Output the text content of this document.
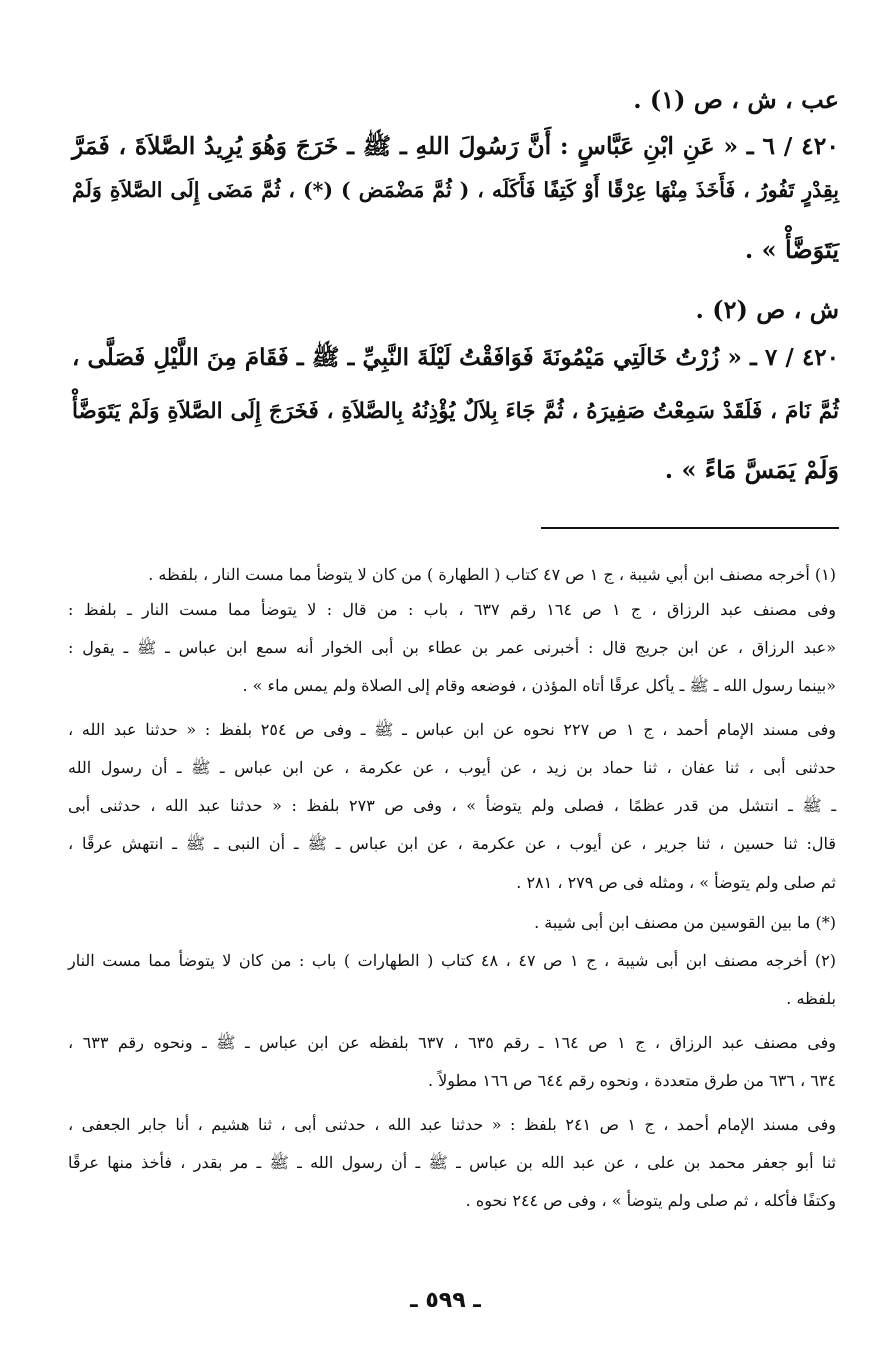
عب ، ش ، ص (١) .
٤٢٠ / ٦ ـ « عَنِ ابْنِ عَبَّاسٍ : أَنَّ رَسُولَ اللهِ ـ ﷺ ـ خَرَجَ وَهُوَ يُرِيدُ الصَّلاَةَ ، فَمَرَّ
بِقِدْرٍ تَفُورُ ، فَأَخَذَ مِنْهَا عِرْقًا أَوْ كَتِفًا فَأَكَلَه ، ( ثُمَّ مَضْمَض ) (*) ، ثُمَّ مَضَى إِلَى الصَّلاَةِ وَلَمْ
يَتَوَضَّأْ » .
ش ، ص (٢) .
٤٢٠ / ٧ ـ « زُرْتُ خَالَتِي مَيْمُونَةَ فَوَافَقْتُ لَيْلَةَ النَّبِيِّ ـ ﷺ ـ فَقَامَ مِنَ اللَّيْلِ فَصَلَّى ،
ثُمَّ نَامَ ، فَلَقَدْ سَمِعْتُ صَفِيرَهُ ، ثُمَّ جَاءَ بِلاَلٌ يُؤْذِنُهُ بِالصَّلاَةِ ، فَخَرَجَ إِلَى الصَّلاَةِ وَلَمْ يَتَوَضَّأْ
وَلَمْ يَمَسَّ مَاءً » .
(١) أخرجه مصنف ابن أبي شيبة ، ج ١ ص ٤٧ كتاب ( الطهارة ) من كان لا يتوضأ مما مست النار ، بلفظه .
وفى مصنف عبد الرزاق ، ج ١ ص ١٦٤ رقم ٦٣٧ ، باب : من قال : لا يتوضأ مما مست النار ـ بلفظ :
«عبد الرزاق ، عن ابن جريج قال : أخبرنى عمر بن عطاء بن أبى الخوار أنه سمع ابن عباس ـ ﷺ ـ يقول :
«بينما رسول الله ـ ﷺ ـ يأكل عرقًا أتاه المؤذن ، فوضعه وقام إلى الصلاة ولم يمس ماء » .
وفى مسند الإمام أحمد ، ج ١ ص ٢٢٧ نحوه عن ابن عباس ـ ﷺ ـ وفى ص ٢٥٤ بلفظ : « حدثنا عبد الله ،
حدثنى أبى ، ثنا عفان ، ثنا حماد بن زيد ، عن أيوب ، عن عكرمة ، عن ابن عباس ـ ﷺ ـ أن رسول الله
ـ ﷺ ـ انتشل من قدر عظمًا ، فصلى ولم يتوضأ » ، وفى ص ٢٧٣ بلفظ : « حدثنا عبد الله ، حدثنى أبى
قال: ثنا حسين ، ثنا جرير ، عن أيوب ، عن عكرمة ، عن ابن عباس ـ ﷺ ـ أن النبى ـ ﷺ ـ انتهش عرقًا ،
ثم صلى ولم يتوضأ » ، ومثله فى ص ٢٧٩ ، ٢٨١ .
(*) ما بين القوسين من مصنف ابن أبى شيبة .
(٢) أخرجه مصنف ابن أبى شيبة ، ج ١ ص ٤٧ ، ٤٨ كتاب ( الطهارات ) باب : من كان لا يتوضأ مما مست النار
بلفظه .
وفى مصنف عبد الرزاق ، ج ١ ص ١٦٤ ـ رقم ٦٣٥ ، ٦٣٧ بلفظه عن ابن عباس ـ ﷺ ـ ونحوه رقم ٦٣٣ ،
٦٣٤ ، ٦٣٦ من طرق متعددة ، ونحوه رقم ٦٤٤ ص ١٦٦ مطولاً .
وفى مسند الإمام أحمد ، ج ١ ص ٢٤١ بلفظ : « حدثنا عبد الله ، حدثنى أبى ، ثنا هشيم ، أنا جابر الجعفى ،
ثنا أبو جعفر محمد بن على ، عن عبد الله بن عباس ـ ﷺ ـ أن رسول الله ـ ﷺ ـ مر بقدر ، فأخذ منها عرقًا
وكتفًا فأكله ، ثم صلى ولم يتوضأ » ، وفى ص ٢٤٤ نحوه .
ـ ٥٩٩ ـ
